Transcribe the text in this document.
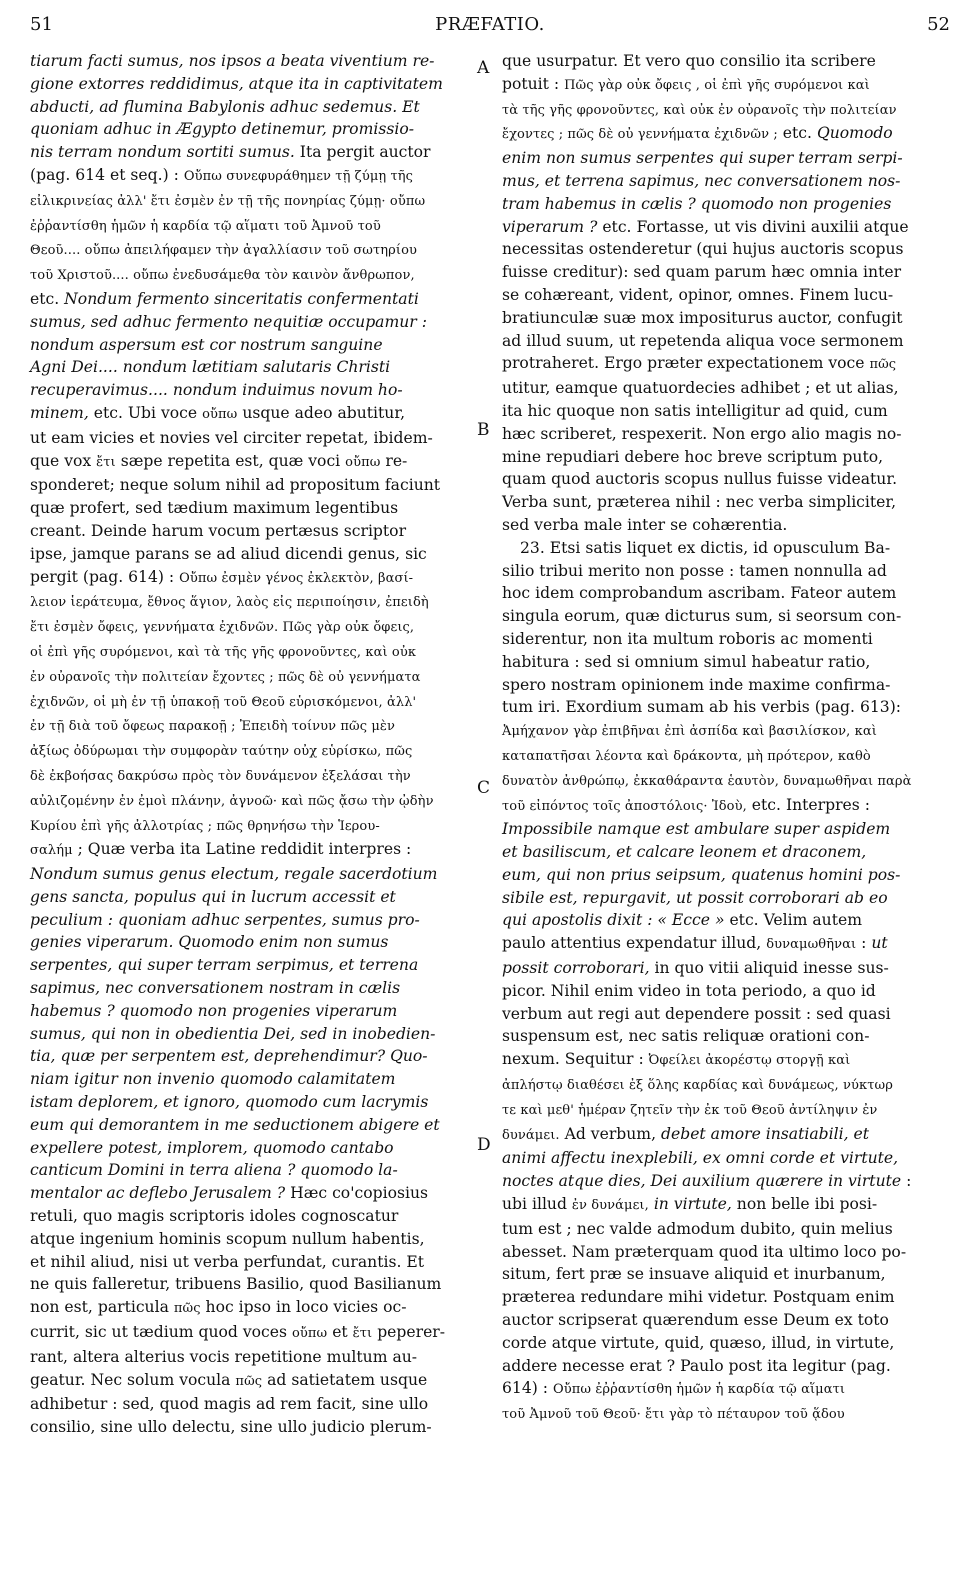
51	PRÆFATIO.	52
tiarum facti sumus, nos ipsos a beata viventium re-
gione extorres reddidimus, atque ita in captivitatem
abducti, ad flumina Babylonis adhuc sedemus. Et
quoniam adhuc in Ægypto detinemur, promissio-
nis terram nondum sortiti sumus. Ita pergit auctor
(pag. 614 et seq.) : Οὔπω συνεφυράθημεν τῇ ζύμῃ τῆς
εἰλικρινείας ἀλλ' ἔτι ἐσμὲν ἐν τῇ τῆς πονηρίας ζύμῃ· οὔπω
ἐῤῥαντίσθη ἡμῶν ἡ καρδία τῷ αἵματι τοῦ Ἀμνοῦ τοῦ
Θεοῦ.... οὔπω ἀπειλήφαμεν τὴν ἀγαλλίασιν τοῦ σωτηρίου
τοῦ Χριστοῦ.... οὔπω ἐνεδυσάμεθα τὸν καινὸν ἄνθρωπον,
etc. Nondum fermento sinceritatis confermentati
sumus, sed adhuc fermento nequitiæ occupamur :
nondum aspersum est cor nostrum sanguine
Agni Dei.... nondum lætitiam salutaris Christi
recuperavimus.... nondum induimus novum ho-
minem, etc. Ubi voce οὔπω usque adeo abutitur,
ut eam vicies et novies vel circiter repetat, ibidem-
que vox ἔτι sæpe repetita est, quæ voci οὔπω re-
sponderet; neque solum nihil ad propositum faciunt
quæ profert, sed tædium maximum legentibus
creant. Deinde harum vocum pertæsus scriptor
ipse, jamque parans se ad aliud dicendi genus, sic
pergit (pag. 614) : Οὔπω ἐσμὲν γένος ἐκλεκτὸν, βασί-
λειον ἱεράτευμα, ἔθνος ἅγιον, λαὸς εἰς περιποίησιν, ἐπειδὴ
ἔτι ἐσμὲν ὄφεις, γεννήματα ἐχιδνῶν. Πῶς γὰρ οὐκ ὄφεις,
οἱ ἐπὶ γῆς συρόμενοι, καὶ τὰ τῆς γῆς φρονοῦντες, καὶ οὐκ
ἐν οὐρανοῖς τὴν πολιτείαν ἔχοντες ; πῶς δὲ οὐ γεννήματα
ἐχιδνῶν, οἱ μὴ ἐν τῇ ὑπακοῇ τοῦ Θεοῦ εὑρισκόμενοι, ἀλλ'
ἐν τῇ διὰ τοῦ ὄφεως παρακοῇ ; Ἐπειδὴ τοίνυν πῶς μὲν
ἀξίως ὀδύρωμαι τὴν συμφορὰν ταύτην οὐχ εὑρίσκω, πῶς
δὲ ἐκβοήσας δακρύσω πρὸς τὸν δυνάμενον ἐξελάσαι τὴν
αὐλιζομένην ἐν ἐμοὶ πλάνην, ἀγνοῶ· καὶ πῶς ᾄσω τὴν ᾠδὴν
Κυρίου ἐπὶ γῆς ἀλλοτρίας ; πῶς θρηνήσω τὴν Ἱερου-
σαλήμ ; Quæ verba ita Latine reddidit interpres :
Nondum sumus genus electum, regale sacerdotium
gens sancta, populus qui in lucrum accessit et
peculium : quoniam adhuc serpentes, sumus pro-
genies viperarum. Quomodo enim non sumus
serpentes, qui super terram serpimus, et terrena
sapimus, nec conversationem nostram in cælis
habemus ? quomodo non progenies viperarum
sumus, qui non in obedientia Dei, sed in inobedien-
tia, quæ per serpentem est, deprehendimur? Quo-
niam igitur non invenio quomodo calamitatem
istam deplorem, et ignoro, quomodo cum lacrymis
eum qui demorantem in me seductionem abigere et
expellere potest, implorem, quomodo cantabo
canticum Domini in terra aliena ? quomodo la-
mentalor ac deflebo Jerusalem ? Hæc co'copiosius
retuli, quo magis scriptoris idoles cognoscatur
atque ingenium hominis scopum nullum habentis,
et nihil aliud, nisi ut verba perfundat, curantis. Et
ne quis falleretur, tribuens Basilio, quod Basilianum
non est, particula πῶς hoc ipso in loco vicies oc-
currit, sic ut tædium quod voces οὔπω et ἔτι peperer-
rant, altera alterius vocis repetitione multum au-
geatur. Nec solum vocula πῶς ad satietatem usque
adhibetur : sed, quod magis ad rem facit, sine ullo
consilio, sine ullo delectu, sine ullo judicio plerum-
que usurpatur. Et vero quo consilio ita scribere
potuit : Πῶς γὰρ οὐκ ὄφεις , οἱ ἐπὶ γῆς συρόμενοι καὶ
τὰ τῆς γῆς φρονοῦντες, καὶ οὐκ ἐν οὐρανοῖς τὴν πολιτείαν
ἔχοντες ; πῶς δὲ οὐ γεννήματα ἐχιδνῶν ; etc. Quomodo
enim non sumus serpentes qui super terram serpi-
mus, et terrena sapimus, nec conversationem nos-
tram habemus in cælis ? quomodo non progenies
viperarum ? etc. Fortasse, ut vis divini auxilii atque
necessitas ostenderetur (qui hujus auctoris scopus
fuisse creditur): sed quam parum hæc omnia inter
se cohæreant, vident, opinor, omnes. Finem lucu-
bratiunculæ suæ mox impositurus auctor, confugit
ad illud suum, ut repetenda aliqua voce sermonem
protraheret. Ergo præter expectationem voce πῶς
utitur, eamque quatuordecies adhibet ; et ut alias,
ita hic quoque non satis intelligitur ad quid, cum
hæc scriberet, respexerit. Non ergo alio magis no-
mine repudiari debere hoc breve scriptum puto,
quam quod auctoris scopus nullus fuisse videatur.
Verba sunt, præterea nihil : nec verba simpliciter,
sed verba male inter se cohærentia.
23. Etsi satis liquet ex dictis, id opusculum Ba-
silio tribui merito non posse : tamen nonnulla ad
hoc idem comprobandum ascribam. Fateor autem
singula eorum, quæ dicturus sum, si seorsum con-
siderentur, non ita multum roboris ac momenti
habitura : sed si omnium simul habeatur ratio,
spero nostram opinionem inde maxime confirma-
tum iri. Exordium sumam ab his verbis (pag. 613):
Ἀμήχανον γὰρ ἐπιβῆναι ἐπὶ ἀσπίδα καὶ βασιλίσκον, καὶ
καταπατῆσαι λέοντα καὶ δράκοντα, μὴ πρότερον, καθὸ
δυνατὸν ἀνθρώπῳ, ἐκκαθάραντα ἑαυτὸν, δυναμωθῆναι παρὰ
τοῦ εἰπόντος τοῖς ἀποστόλοις· Ἰδοὺ, etc. Interpres :
Impossibile namque est ambulare super aspidem
et basiliscum, et calcare leonem et draconem,
eum, qui non prius seipsum, quatenus homini pos-
sibile est, repurgavit, ut possit corroborari ab eo
qui apostolis dixit : « Ecce » etc. Velim autem
paulo attentius expendatur illud, δυναμωθῆναι : ut
possit corroborari, in quo vitii aliquid inesse sus-
picor. Nihil enim video in tota periodo, a quo id
verbum aut regi aut dependere possit : sed quasi
suspensum est, nec satis reliquæ orationi con-
nexum. Sequitur : Ὀφείλει ἀκορέστῳ στοργῇ καὶ
ἀπλήστῳ διαθέσει ἐξ ὅλης καρδίας καὶ δυνάμεως, νύκτωρ
τε καὶ μεθ' ἡμέραν ζητεῖν τὴν ἐκ τοῦ Θεοῦ ἀντίληψιν ἐν
δυνάμει. Ad verbum, debet amore insatiabili, et
animi affectu inexplebili, ex omni corde et virtute,
noctes atque dies, Dei auxilium quærere in virtute :
ubi illud ἐν δυνάμει, in virtute, non belle ibi posi-
tum est ; nec valde admodum dubito, quin melius
abesset. Nam præterquam quod ita ultimo loco po-
situm, fert præ se insuave aliquid et inurbanum,
præterea redundare mihi videtur. Postquam enim
auctor scripserat quærendum esse Deum ex toto
corde atque virtute, quid, quæso, illud, in virtute,
addere necesse erat ? Paulo post ita legitur (pag.
614) : Οὔπω ἐῤῥαντίσθη ἡμῶν ἡ καρδία τῷ αἵματι
τοῦ Ἀμνοῦ τοῦ Θεοῦ· ἔτι γὰρ τὸ πέταυρον τοῦ ᾅδου
A
B
C
D
